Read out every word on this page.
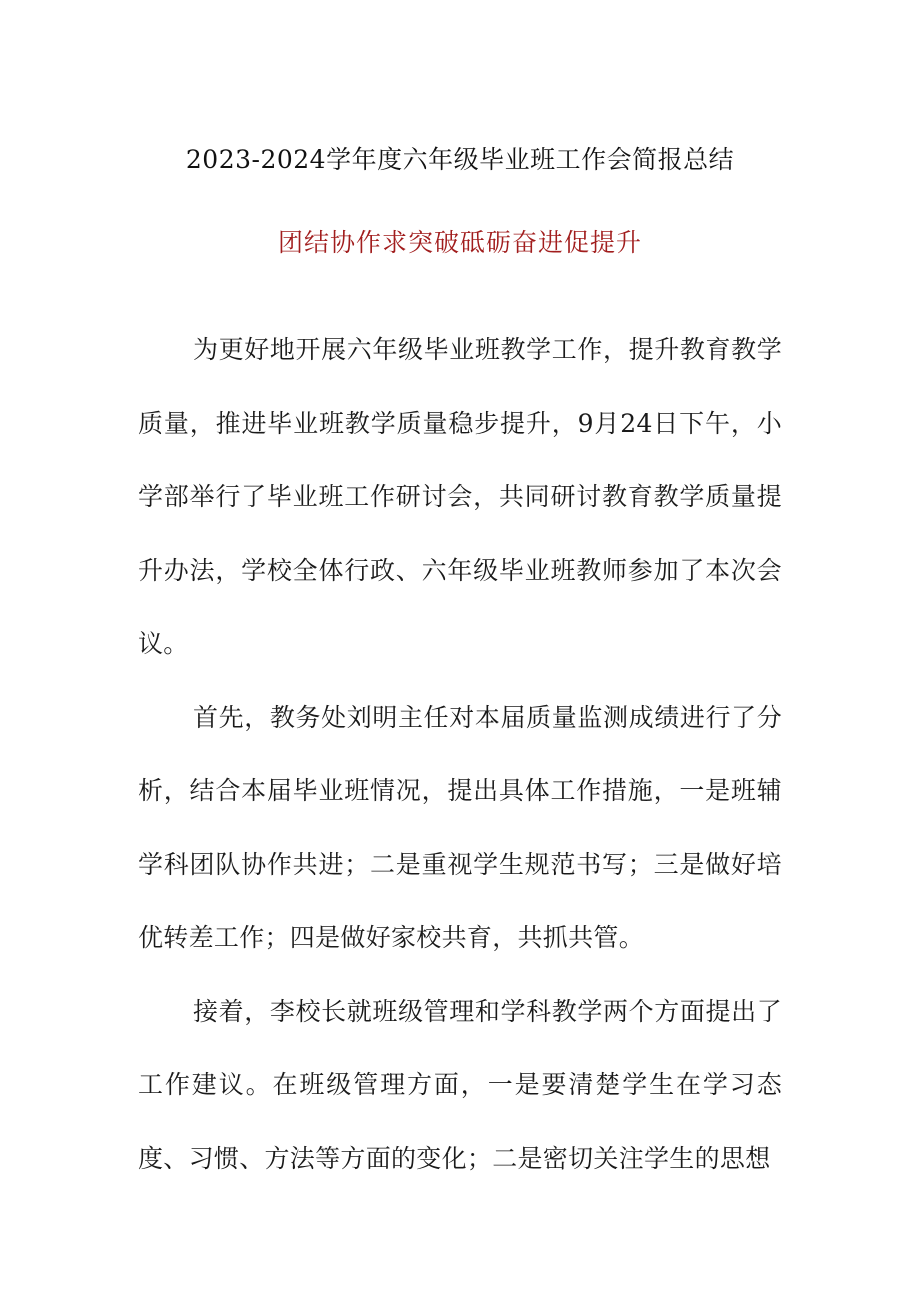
2023-2024学年度六年级毕业班工作会简报总结
团结协作求突破砥砺奋进促提升

为更好地开展六年级毕业班教学工作，提升教育教学质量，推进毕业班教学质量稳步提升，9月24日下午，小学部举行了毕业班工作研讨会，共同研讨教育教学质量提升办法，学校全体行政、六年级毕业班教师参加了本次会议。

首先，教务处刘明主任对本届质量监测成绩进行了分析，结合本届毕业班情况，提出具体工作措施，一是班辅学科团队协作共进；二是重视学生规范书写；三是做好培优转差工作；四是做好家校共育，共抓共管。

接着，李校长就班级管理和学科教学两个方面提出了工作建议。在班级管理方面，一是要清楚学生在学习态度、习惯、方法等方面的变化；二是密切关注学生的思想
